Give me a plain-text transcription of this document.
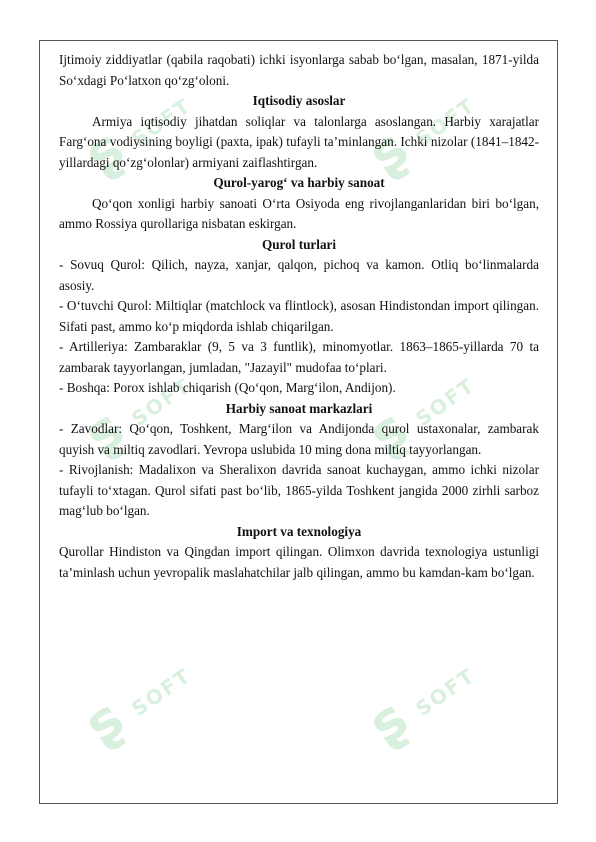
ʂ
SOFT	ʂ
SOFT
ʂ
SOFT	ʂ
SOFT
ʂ
SOFT	ʂ
SOFT

Ijtimoiy ziddiyatlar (qabila raqobati) ichki isyonlarga sabab bo‘lgan, masalan, 1871-yilda So‘xdagi Po‘latxon qo‘zg‘oloni.

Iqtisodiy asoslar

Armiya iqtisodiy jihatdan soliqlar va talonlarga asoslangan. Harbiy xarajatlar Farg‘ona vodiysining boyligi (paxta, ipak) tufayli ta’minlangan. Ichki nizolar (1841–1842-yillardagi qo‘zg‘olonlar) armiyani zaiflashtirgan.

Qurol-yarog‘ va harbiy sanoat

Qo‘qon xonligi harbiy sanoati O‘rta Osiyoda eng rivojlanganlaridan biri bo‘lgan, ammo Rossiya qurollariga nisbatan eskirgan.

Qurol turlari

- Sovuq Qurol: Qilich, nayza, xanjar, qalqon, pichoq va kamon. Otliq bo‘linmalarda asosiy.

- O‘tuvchi Qurol: Miltiqlar (matchlock va flintlock), asosan Hindistondan import qilingan. Sifati past, ammo ko‘p miqdorda ishlab chiqarilgan.

- Artilleriya: Zambaraklar (9, 5 va 3 funtlik), minomyotlar. 1863–1865-yillarda 70 ta zambarak tayyorlangan, jumladan, "Jazayil" mudofaa to‘plari.

- Boshqa: Porox ishlab chiqarish (Qo‘qon, Marg‘ilon, Andijon).

Harbiy sanoat markazlari

- Zavodlar: Qo‘qon, Toshkent, Marg‘ilon va Andijonda qurol ustaxonalar, zambarak quyish va miltiq zavodlari. Yevropa uslubida 10 ming dona miltiq tayyorlangan.

- Rivojlanish: Madalixon va Sheralixon davrida sanoat kuchaygan, ammo ichki nizolar tufayli to‘xtagan. Qurol sifati past bo‘lib, 1865-yilda Toshkent jangida 2000 zirhli sarboz mag‘lub bo‘lgan.

Import va texnologiya

Qurollar Hindiston va Qingdan import qilingan. Olimxon davrida texnologiya ustunligi ta’minlash uchun yevropalik maslahatchilar jalb qilingan, ammo bu kamdan-kam bo‘lgan.
